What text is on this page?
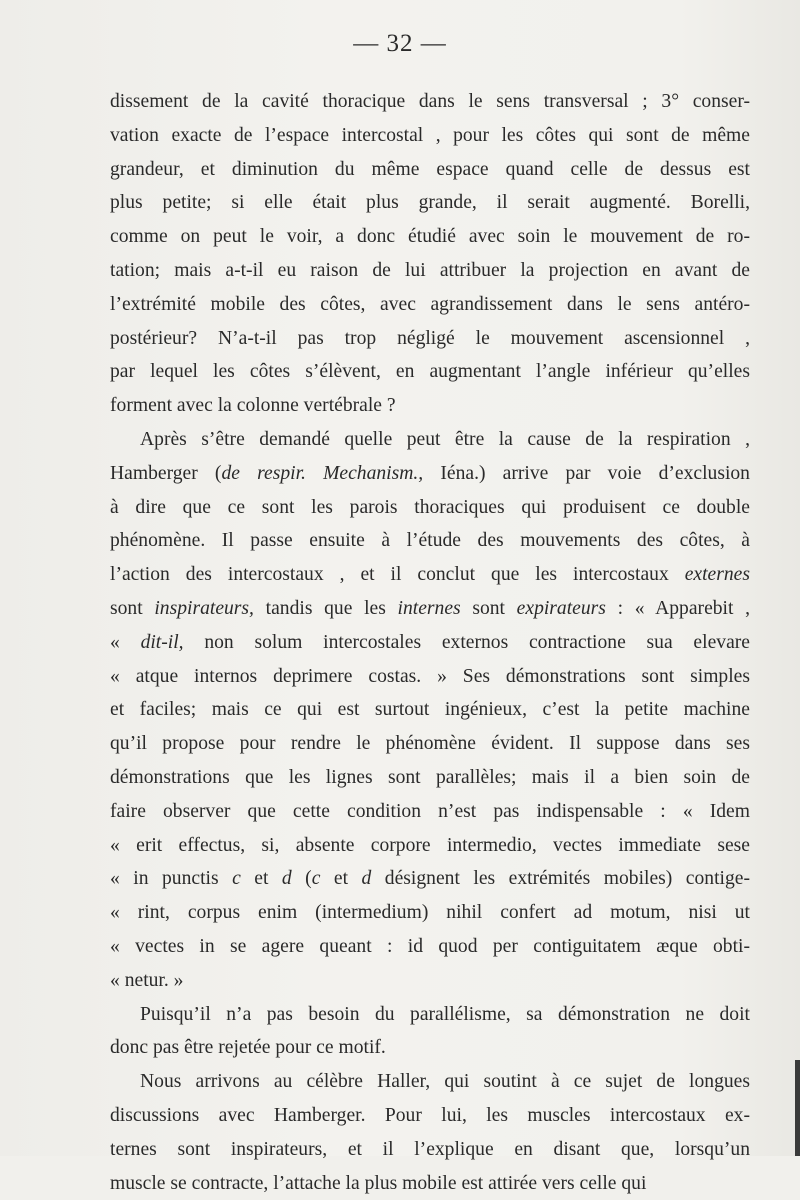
— 32 —
dissement de la cavité thoracique dans le sens transversal ; 3° conser-
vation exacte de l’espace intercostal , pour les côtes qui sont de même
grandeur, et diminution du même espace quand celle de dessus est
plus petite; si elle était plus grande, il serait augmenté. Borelli,
comme on peut le voir, a donc étudié avec soin le mouvement de ro-
tation; mais a-t-il eu raison de lui attribuer la projection en avant de
l’extrémité mobile des côtes, avec agrandissement dans le sens antéro-
postérieur? N’a-t-il pas trop négligé le mouvement ascensionnel ,
par lequel les côtes s’élèvent, en augmentant l’angle inférieur qu’elles
forment avec la colonne vertébrale ?
Après s’être demandé quelle peut être la cause de la respiration ,
Hamberger (de respir. Mechanism., Iéna.) arrive par voie d’exclusion
à dire que ce sont les parois thoraciques qui produisent ce double
phénomène. Il passe ensuite à l’étude des mouvements des côtes, à
l’action des intercostaux , et il conclut que les intercostaux externes
sont inspirateurs, tandis que les internes sont expirateurs : « Apparebit ,
« dit-il, non solum intercostales externos contractione sua elevare
« atque internos deprimere costas. » Ses démonstrations sont simples
et faciles; mais ce qui est surtout ingénieux, c’est la petite machine
qu’il propose pour rendre le phénomène évident. Il suppose dans ses
démonstrations que les lignes sont parallèles; mais il a bien soin de
faire observer que cette condition n’est pas indispensable : « Idem
« erit effectus, si, absente corpore intermedio, vectes immediate sese
« in punctis c et d (c et d désignent les extrémités mobiles) contige-
« rint, corpus enim (intermedium) nihil confert ad motum, nisi ut
« vectes in se agere queant : id quod per contiguitatem æque obti-
« netur. »
Puisqu’il n’a pas besoin du parallélisme, sa démonstration ne doit
donc pas être rejetée pour ce motif.
Nous arrivons au célèbre Haller, qui soutint à ce sujet de longues
discussions avec Hamberger. Pour lui, les muscles intercostaux ex-
ternes sont inspirateurs, et il l’explique en disant que, lorsqu’un
muscle se contracte, l’attache la plus mobile est attirée vers celle qui
